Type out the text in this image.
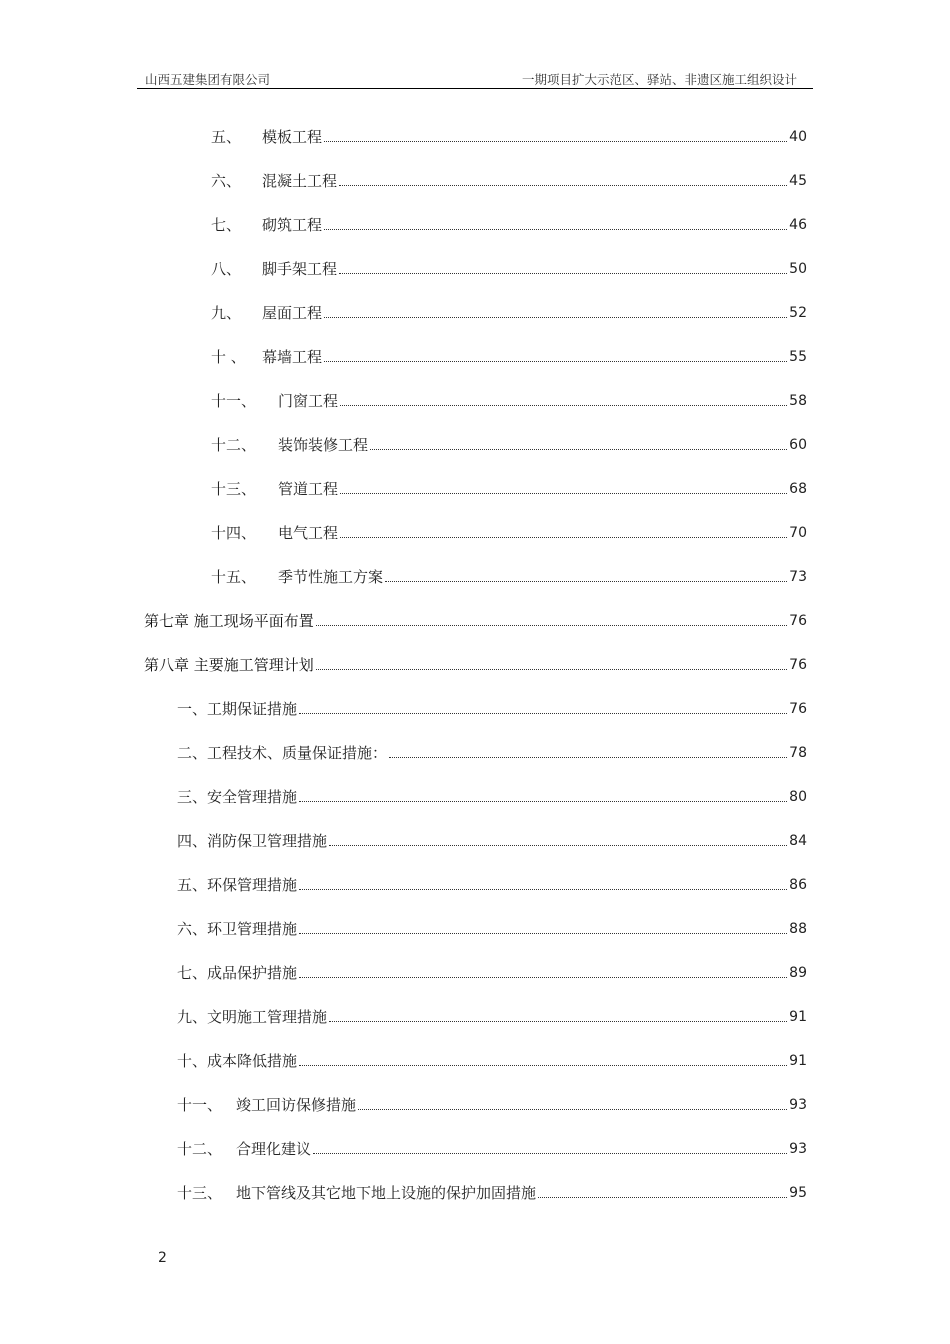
山西五建集团有限公司	一期项目扩大示范区、驿站、非遗区施工组织设计
五、	模板工程	40
六、	混凝土工程	45
七、	砌筑工程	46
八、	脚手架工程	50
九、	屋面工程	52
十 、	幕墙工程	55
十一、	门窗工程	58
十二、	装饰装修工程	60
十三、	管道工程	68
十四、	电气工程	70
十五、	季节性施工方案	73
第七章 施工现场平面布置	76
第八章 主要施工管理计划	76
一、工期保证措施	76
二、工程技术、质量保证措施：	78
三、安全管理措施	80
四、消防保卫管理措施	84
五、环保管理措施	86
六、环卫管理措施	88
七、成品保护措施	89
九、文明施工管理措施	91
十、成本降低措施	91
十一、 竣工回访保修措施	93
十二、 合理化建议	93
十三、 地下管线及其它地下地上设施的保护加固措施	95
2
